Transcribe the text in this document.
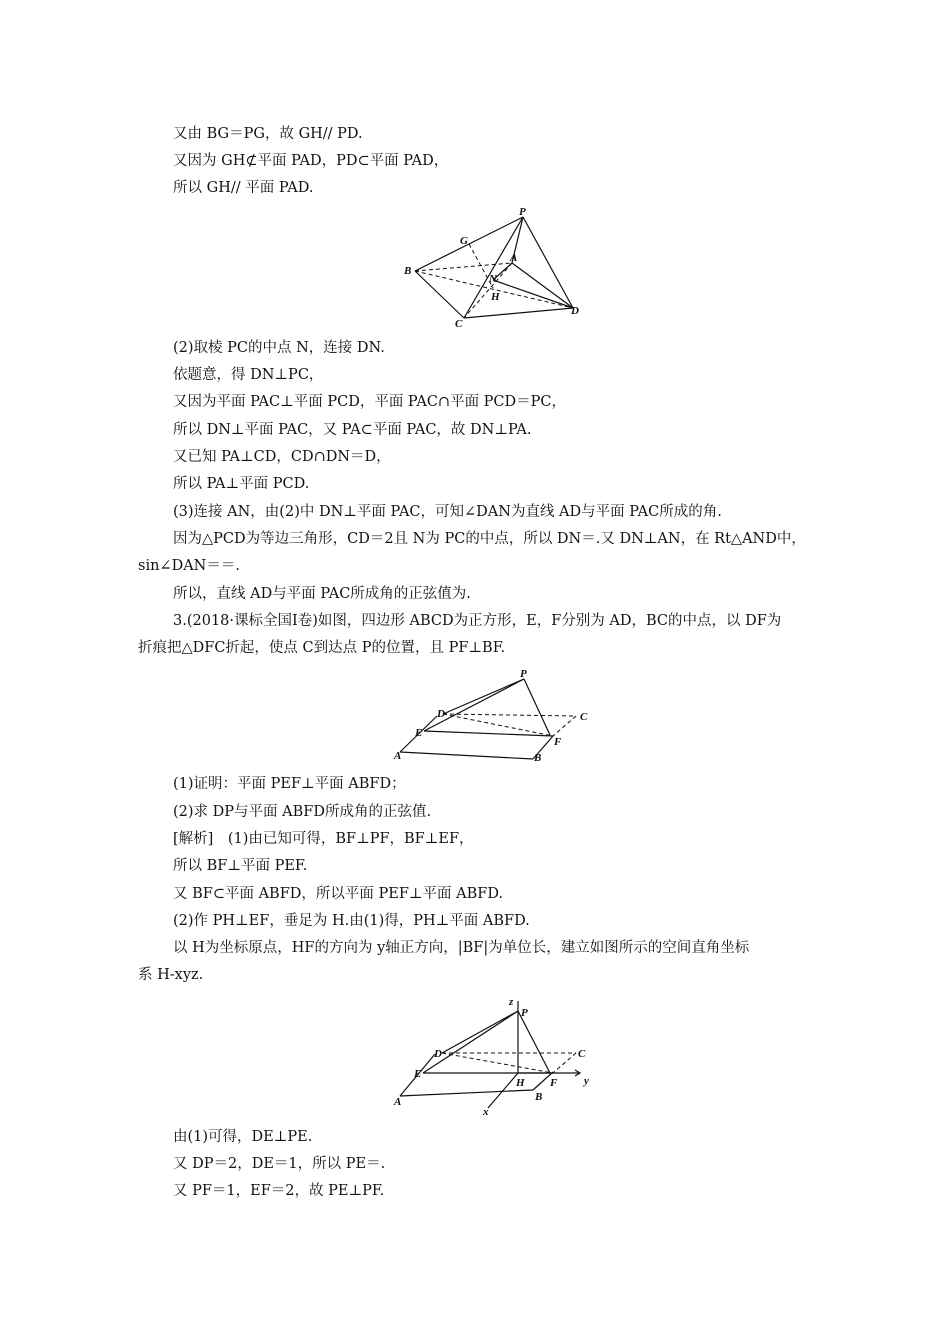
又由 BG＝PG，故 GH// PD.
又因为 GH⊄平面 PAD，PD⊂平面 PAD，
所以 GH// 平面 PAD.
P
G
A
B
N
H
D
C
(2)取棱 PC的中点 N，连接 DN.
依题意，得 DN⊥PC，
又因为平面 PAC⊥平面 PCD，平面 PAC∩平面 PCD＝PC，
所以 DN⊥平面 PAC，又 PA⊂平面 PAC，故 DN⊥PA.
又已知 PA⊥CD，CD∩DN＝D，
所以 PA⊥平面 PCD.
(3)连接 AN，由(2)中 DN⊥平面 PAC，可知∠DAN为直线 AD与平面 PAC所成的角.
因为△PCD为等边三角形，CD＝2且 N为 PC的中点，所以 DN＝.又 DN⊥AN，在 Rt△AND中，
sin∠DAN＝＝.
所以，直线 AD与平面 PAC所成角的正弦值为.
3.(2018·课标全国Ⅰ卷)如图，四边形 ABCD为正方形，E，F分别为 AD，BC的中点，以 DF为
折痕把△DFC折起，使点 C到达点 P的位置，且 PF⊥BF.
P
D	C
E
F
A	B
(1)证明：平面 PEF⊥平面 ABFD；
(2)求 DP与平面 ABFD所成角的正弦值.
[解析]　(1)由已知可得，BF⊥PF，BF⊥EF，
所以 BF⊥平面 PEF.
又 BF⊂平面 ABFD，所以平面 PEF⊥平面 ABFD.
(2)作 PH⊥EF，垂足为 H.由(1)得，PH⊥平面 ABFD.
以 H为坐标原点，HF的方向为 y轴正方向，|BF|为单位长，建立如图所示的空间直角坐标
系 H-xyz.
z
P
D	C
E
H F y
A	B
x
由(1)可得，DE⊥PE.
又 DP＝2，DE＝1，所以 PE＝.
又 PF＝1，EF＝2，故 PE⊥PF.
